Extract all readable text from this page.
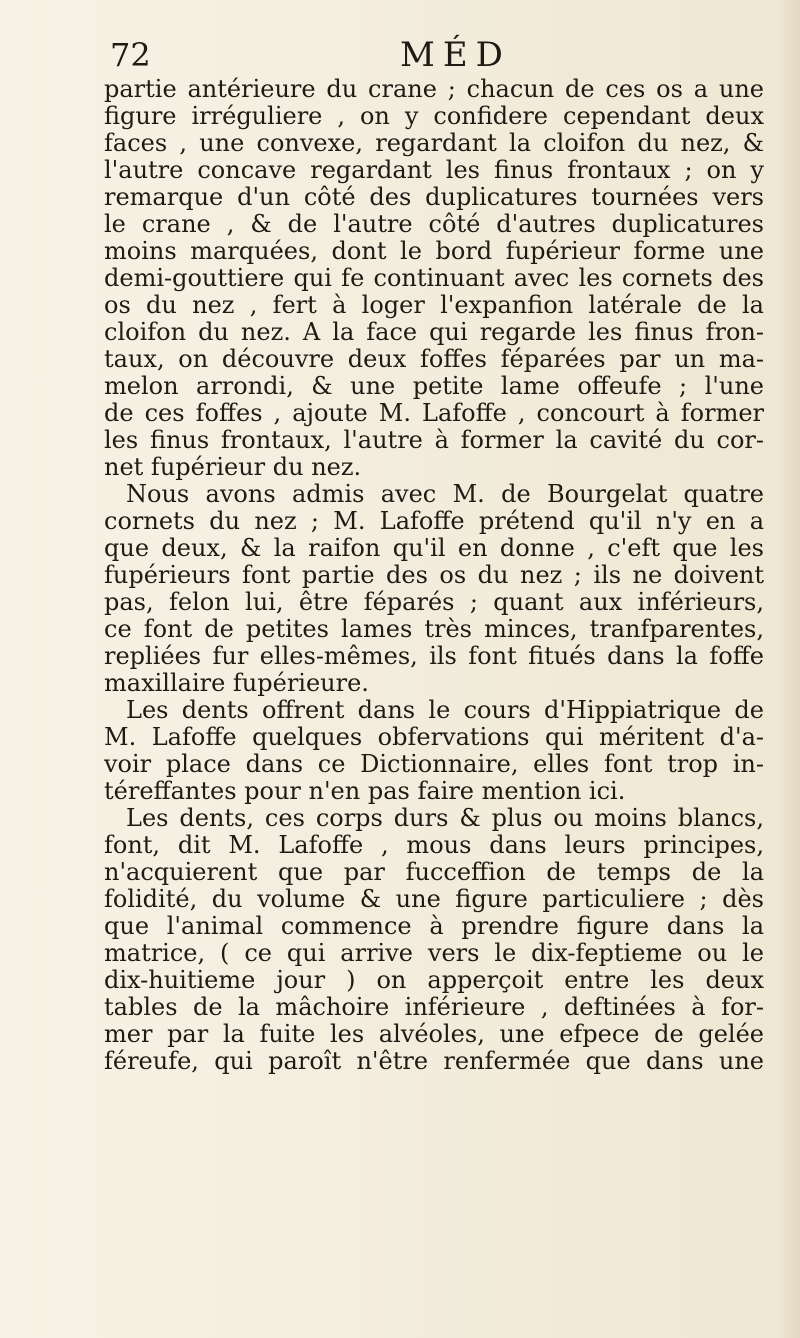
72	MÉD
partie antérieure du crane ; chacun de ces os a une
figure irréguliere , on y confidere cependant deux
faces , une convexe, regardant la cloifon du nez, &
l'autre concave regardant les finus frontaux ; on y
remarque d'un côté des duplicatures tournées vers
le crane , & de l'autre côté d'autres duplicatures
moins marquées, dont le bord fupérieur forme une
demi-gouttiere qui fe continuant avec les cornets des
os du nez , fert à loger l'expanfion latérale de la
cloifon du nez. A la face qui regarde les finus fron-
taux, on découvre deux foffes féparées par un ma-
melon arrondi, & une petite lame offeufe ; l'une
de ces foffes , ajoute M. Lafoffe , concourt à former
les finus frontaux, l'autre à former la cavité du cor-
net fupérieur du nez.
Nous avons admis avec M. de Bourgelat quatre
cornets du nez ; M. Lafoffe prétend qu'il n'y en a
que deux, & la raifon qu'il en donne , c'eft que les
fupérieurs font partie des os du nez ; ils ne doivent
pas, felon lui, être féparés ; quant aux inférieurs,
ce font de petites lames très minces, tranfparentes,
repliées fur elles-mêmes, ils font fitués dans la foffe
maxillaire fupérieure.
Les dents offrent dans le cours d'Hippiatrique de
M. Lafoffe quelques obfervations qui méritent d'a-
voir place dans ce Dictionnaire, elles font trop in-
téreffantes pour n'en pas faire mention ici.
Les dents, ces corps durs & plus ou moins blancs,
font, dit M. Lafoffe , mous dans leurs principes,
n'acquierent que par fucceffion de temps de la
folidité, du volume & une figure particuliere ; dès
que l'animal commence à prendre figure dans la
matrice, ( ce qui arrive vers le dix-feptieme ou le
dix-huitieme jour ) on apperçoit entre les deux
tables de la mâchoire inférieure , deftinées à for-
mer par la fuite les alvéoles, une efpece de gelée
féreufe, qui paroît n'être renfermée que dans une
